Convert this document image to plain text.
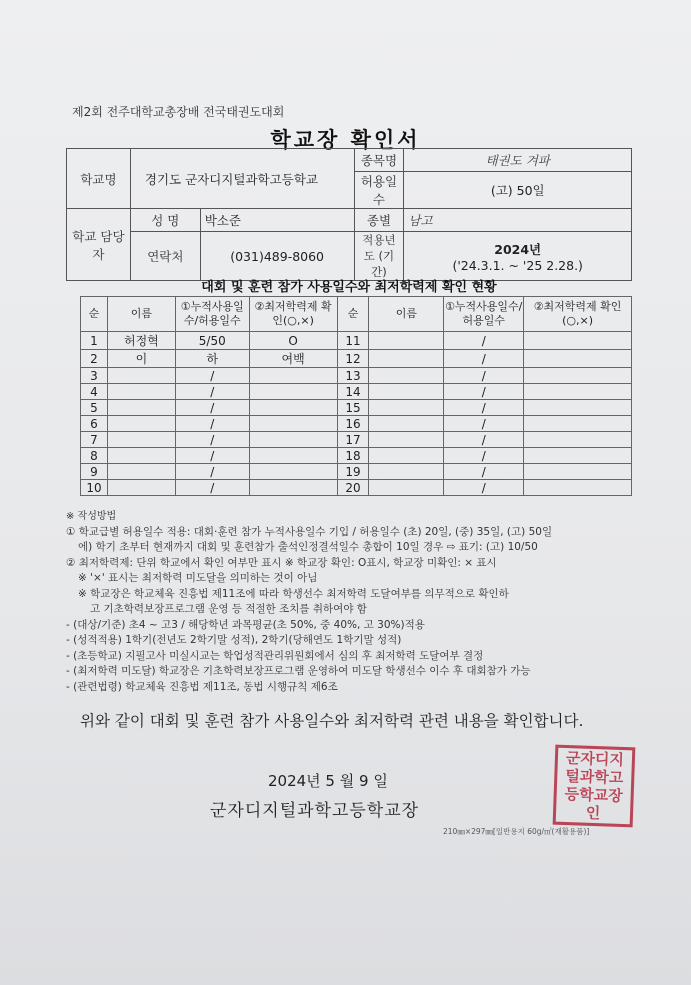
제2회 전주대학교총장배 전국태권도대회
학교장 확인서
학교명	경기도 군자디지털과학고등학교		종목명	태권도 겨파
			허용일수	(고) 50일
학교 담당자	성 명	박소준	종별	남고
	연락처	(031)489-8060	적용년도 (기간)	2024년
('24.3.1. ~ '25 2.28.)
대회 및 훈련 참가 사용일수와 최저학력제 확인 현황
순	이름	①누적사용일수/허용일수	②최저학력제 확인(○,×)	순	이름	①누적사용일수/허용일수	②최저학력제 확인(○,×)
1	허정혁	5/50	O	11		/	
2	이	하	여백	12		/	
3		/		13		/	
4		/		14		/	
5		/		15		/	
6		/		16		/	
7		/		17		/	
8		/		18		/	
9		/		19		/	
10		/		20		/	
※ 작성방법
① 학교급별 허용일수 적용: 대회·훈련 참가 누적사용일수 기입 / 허용일수 (초) 20일, (중) 35일, (고) 50일
에) 학기 초부터 현재까지 대회 및 훈련참가 출석인정결석일수 총합이 10일 경우 ⇨ 표기: (고) 10/50
② 최저학력제: 단위 학교에서 확인 여부만 표시 ※ 학교장 확인: O표시, 학교장 미확인: × 표시
※ '×' 표시는 최저학력 미도달을 의미하는 것이 아님
※ 학교장은 학교체육 진흥법 제11조에 따라 학생선수 최저학력 도달여부를 의무적으로 확인하
고 기초학력보장프로그램 운영 등 적절한 조치를 취하여야 함
- (대상/기준) 초4 ~ 고3 / 해당학년 과목평균(초 50%, 중 40%, 고 30%)적용
- (성적적용) 1학기(전년도 2학기말 성적), 2학기(당해연도 1학기말 성적)
- (초등학교) 지필고사 미실시교는 학업성적관리위원회에서 심의 후 최저학력 도달여부 결정
- (최저학력 미도달) 학교장은 기초학력보장프로그램 운영하여 미도달 학생선수 이수 후 대회참가 가능
- (관련법령) 학교체육 진흥법 제11조, 동법 시행규칙 제6조
위와 같이 대회 및 훈련 참가 사용일수와 최저학력 관련 내용을 확인합니다.
2024년 5 월 9 일
군자디지털과학고등학교장
210㎜×297㎜[일반용지 60g/㎡(재활용품)]
군자디지털과학고등학교장인
